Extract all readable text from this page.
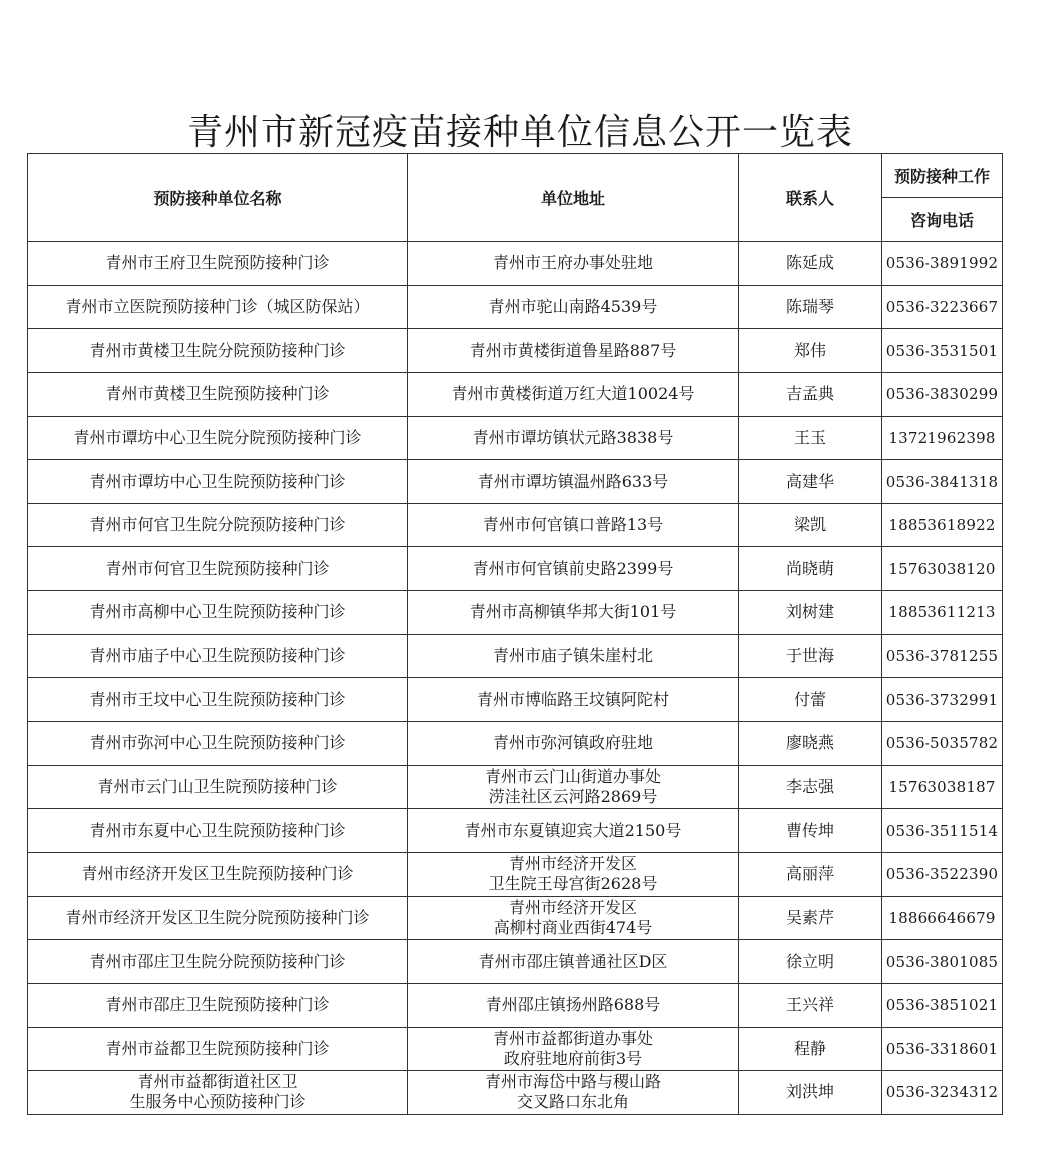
青州市新冠疫苗接种单位信息公开一览表
预防接种单位名称	单位地址	联系人	预防接种工作
			咨询电话

青州市王府卫生院预防接种门诊	青州市王府办事处驻地	陈延成	0536-3891992

青州市立医院预防接种门诊（城区防保站）	青州市驼山南路4539号	陈瑞琴	0536-3223667

青州市黄楼卫生院分院预防接种门诊	青州市黄楼街道鲁星路887号	郑伟	0536-3531501

青州市黄楼卫生院预防接种门诊	青州市黄楼街道万红大道10024号	吉孟典	0536-3830299

青州市谭坊中心卫生院分院预防接种门诊	青州市谭坊镇状元路3838号	王玉	13721962398

青州市谭坊中心卫生院预防接种门诊	青州市谭坊镇温州路633号	高建华	0536-3841318

青州市何官卫生院分院预防接种门诊	青州市何官镇口普路13号	梁凯	18853618922

青州市何官卫生院预防接种门诊	青州市何官镇前史路2399号	尚晓萌	15763038120

青州市高柳中心卫生院预防接种门诊	青州市高柳镇华邦大街101号	刘树建	18853611213

青州市庙子中心卫生院预防接种门诊	青州市庙子镇朱崖村北	于世海	0536-3781255

青州市王坟中心卫生院预防接种门诊	青州市博临路王坟镇阿陀村	付蕾	0536-3732991

青州市弥河中心卫生院预防接种门诊	青州市弥河镇政府驻地	廖晓燕	0536-5035782

青州市云门山卫生院预防接种门诊	青州市云门山街道办事处
涝洼社区云河路2869号	李志强	15763038187

青州市东夏中心卫生院预防接种门诊	青州市东夏镇迎宾大道2150号	曹传坤	0536-3511514

青州市经济开发区卫生院预防接种门诊	青州市经济开发区
卫生院王母宫街2628号	高丽萍	0536-3522390

青州市经济开发区卫生院分院预防接种门诊	青州市经济开发区
高柳村商业西街474号	吴素芹	18866646679

青州市邵庄卫生院分院预防接种门诊	青州市邵庄镇普通社区D区	徐立明	0536-3801085

青州市邵庄卫生院预防接种门诊	青州邵庄镇扬州路688号	王兴祥	0536-3851021

青州市益都卫生院预防接种门诊	青州市益都街道办事处
政府驻地府前街3号	程静	0536-3318601

青州市益都街道社区卫
生服务中心预防接种门诊	青州市海岱中路与稷山路
交叉路口东北角	刘洪坤	0536-3234312
